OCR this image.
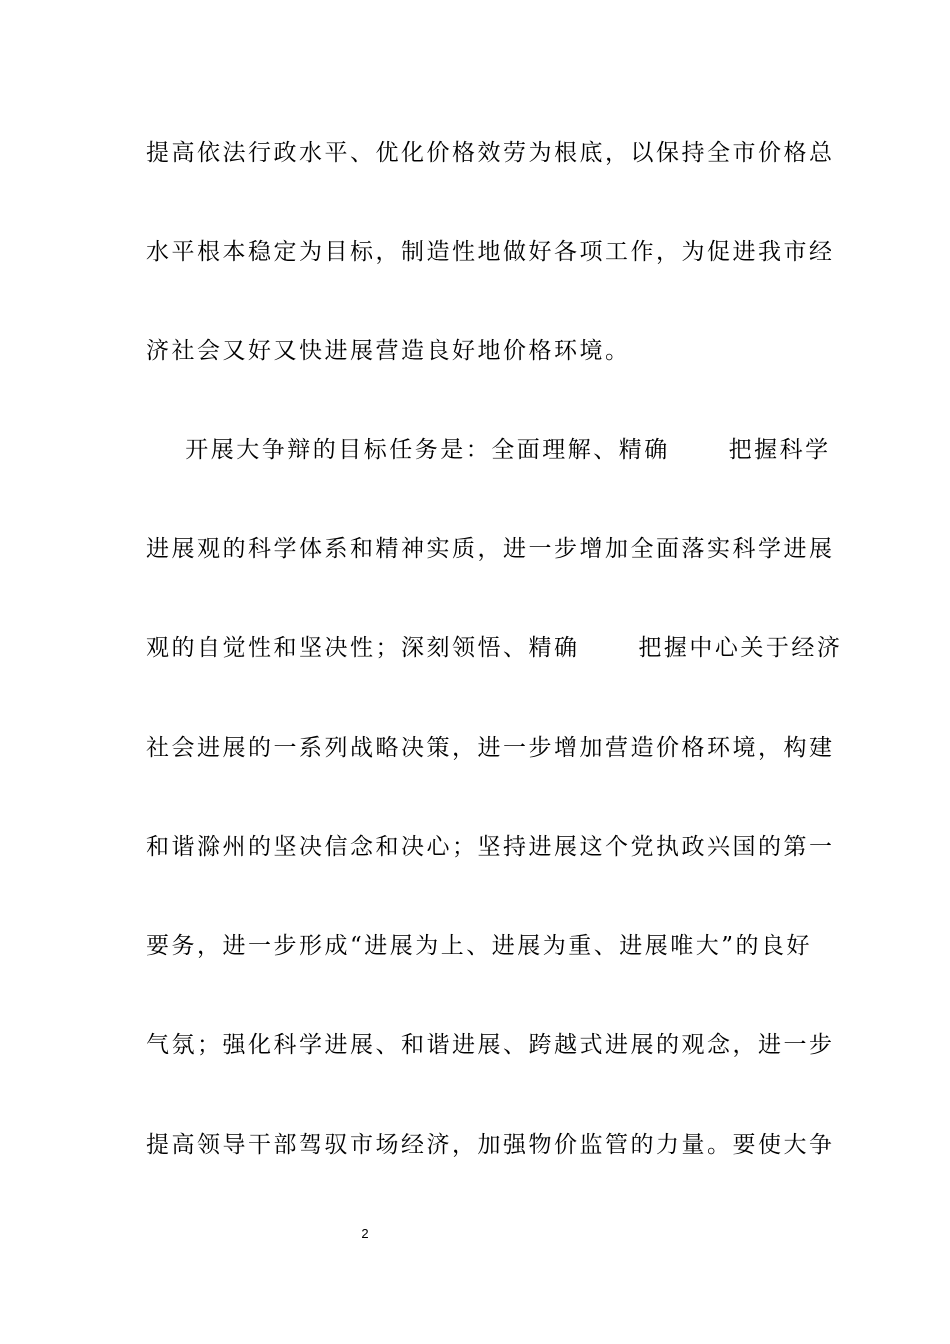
提高依法行政水平、优化价格效劳为根底，以保持全市价格总
水平根本稳定为目标，制造性地做好各项工作，为促进我市经
济社会又好又快进展营造良好地价格环境。
开展大争辩的目标任务是：全面理解、精确      把握科学
进展观的科学体系和精神实质，进一步增加全面落实科学进展
观的自觉性和坚决性；深刻领悟、精确      把握中心关于经济
社会进展的一系列战略决策，进一步增加营造价格环境，构建
和谐滁州的坚决信念和决心；坚持进展这个党执政兴国的第一
要务，进一步形成“进展为上、进展为重、进展唯大”的良好
气氛；强化科学进展、和谐进展、跨越式进展的观念，进一步
提高领导干部驾驭市场经济，加强物价监管的力量。要使大争
2
